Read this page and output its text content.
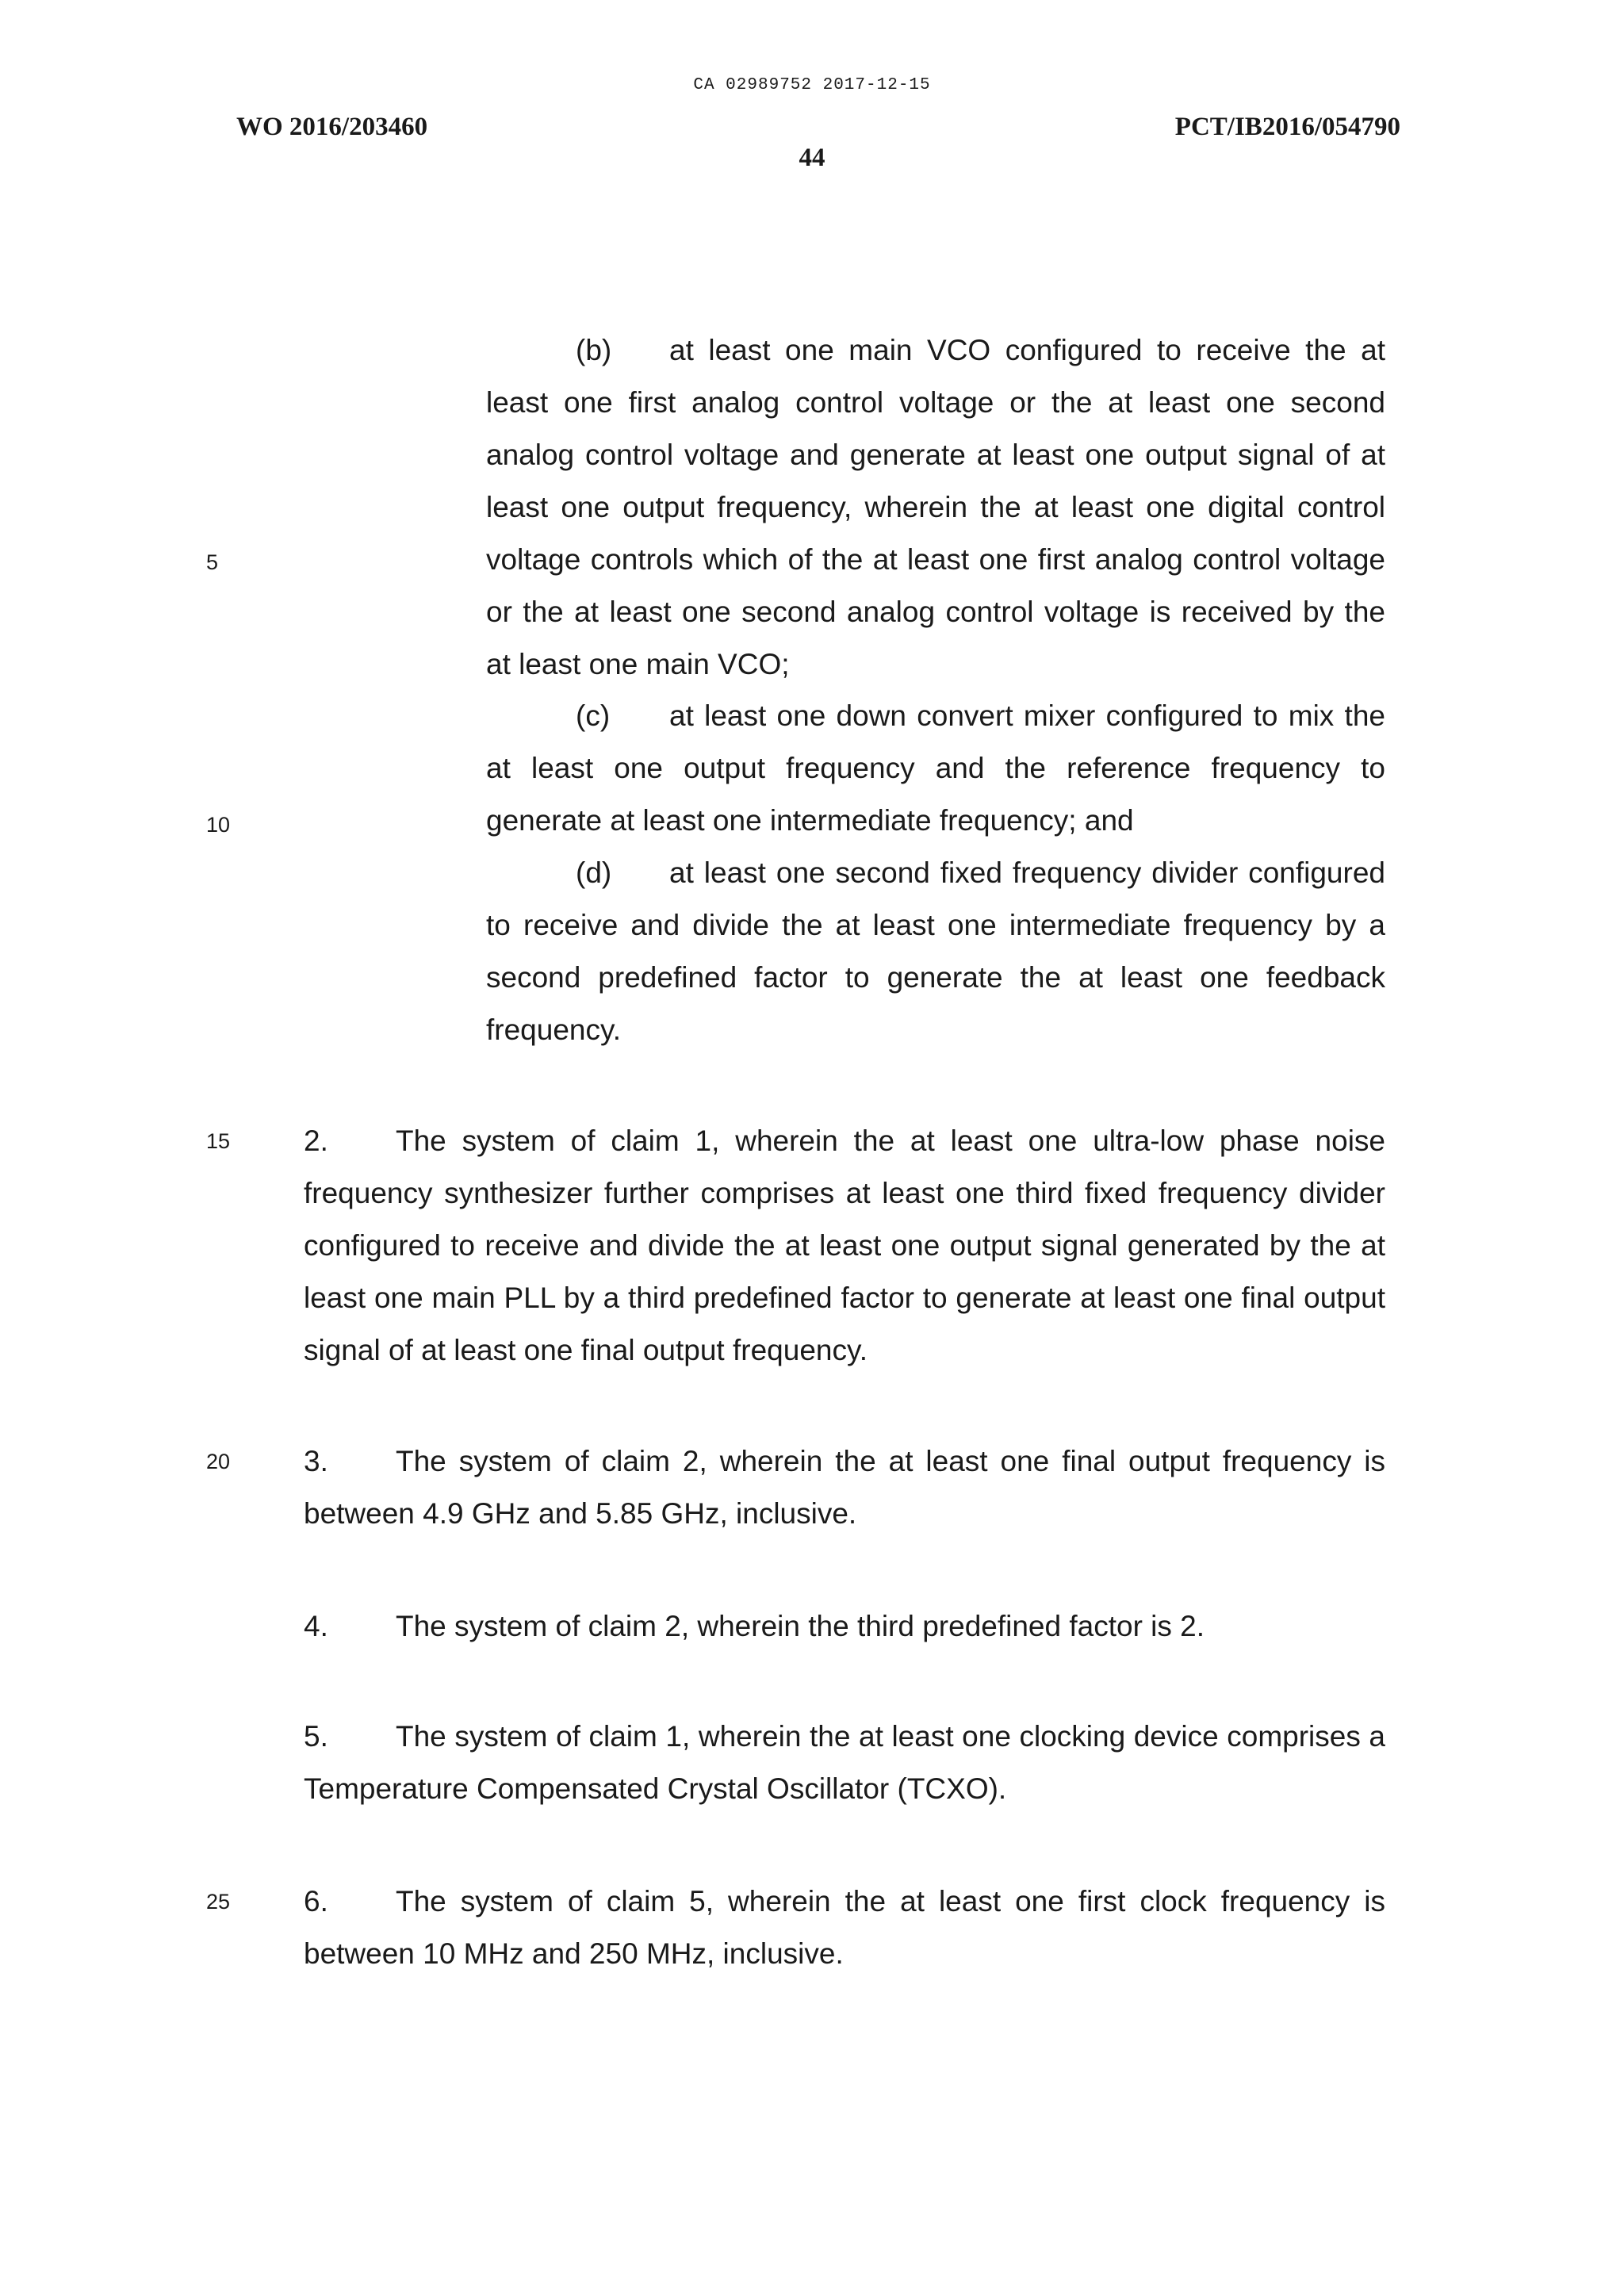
CA 02989752 2017-12-15
WO 2016/203460	PCT/IB2016/054790
44
5
10
15
20
25

(b) at least one main VCO configured to receive the at least one first analog control voltage or the at least one second analog control voltage and generate at least one output signal of at least one output frequency, wherein the at least one digital control voltage controls which of the at least one first analog control voltage or the at least one second analog control voltage is received by the at least one main VCO;

(c) at least one down convert mixer configured to mix the at least one output frequency and the reference frequency to generate at least one intermediate frequency; and

(d) at least one second fixed frequency divider configured to receive and divide the at least one intermediate frequency by a second predefined factor to generate the at least one feedback frequency.

2. The system of claim 1, wherein the at least one ultra-low phase noise frequency synthesizer further comprises at least one third fixed frequency divider configured to receive and divide the at least one output signal generated by the at least one main PLL by a third predefined factor to generate at least one final output signal of at least one final output frequency.

3. The system of claim 2, wherein the at least one final output frequency is between 4.9 GHz and 5.85 GHz, inclusive.

4. The system of claim 2, wherein the third predefined factor is 2.

5. The system of claim 1, wherein the at least one clocking device comprises a Temperature Compensated Crystal Oscillator (TCXO).

6. The system of claim 5, wherein the at least one first clock frequency is between 10 MHz and 250 MHz, inclusive.
